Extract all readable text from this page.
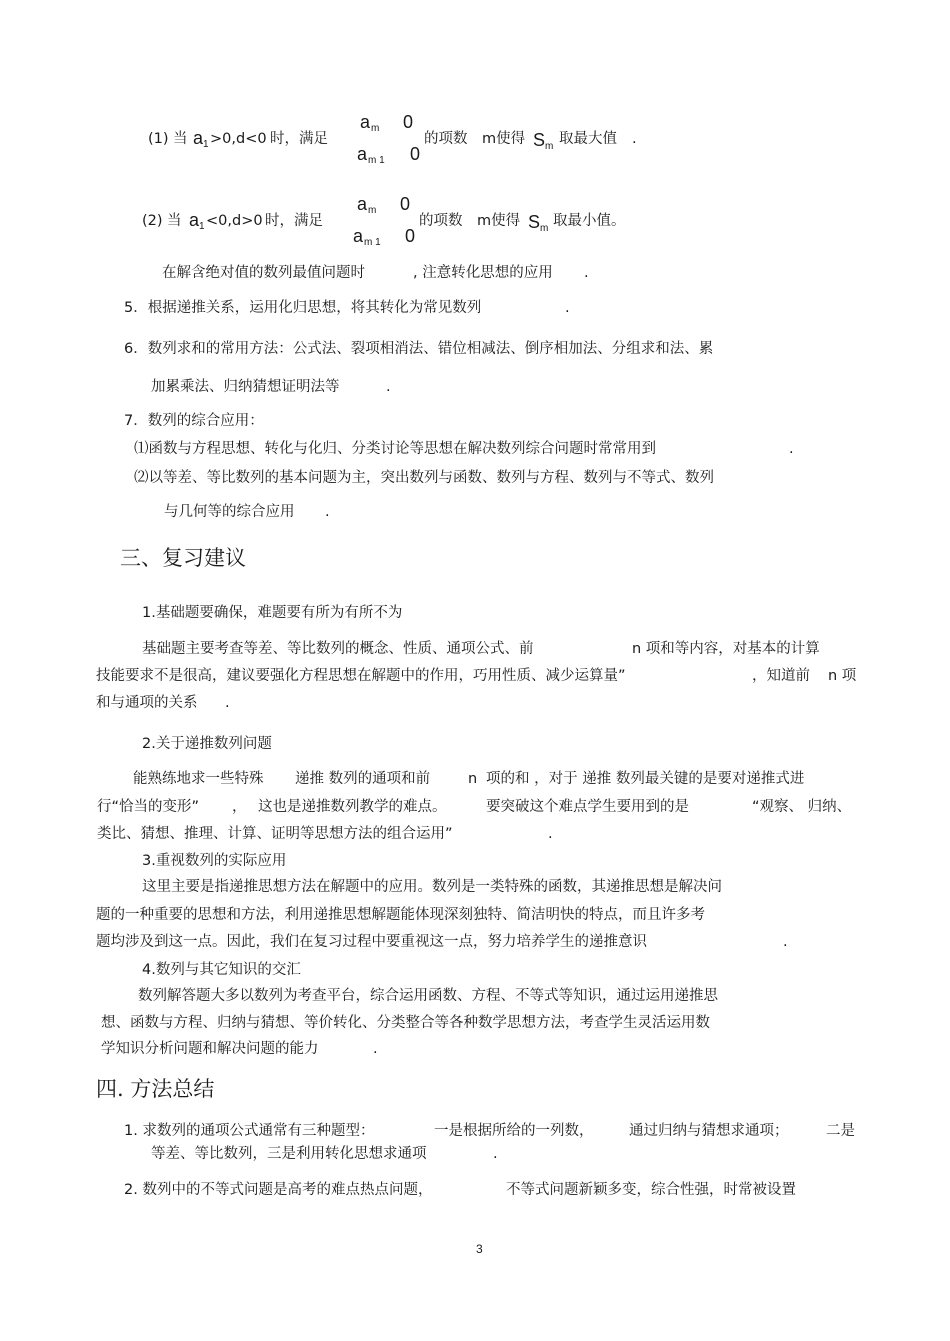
(1) 当 a 1 >0,d<0 时，满足
a m 0
a m 1 0
的项数 m使得 S m 取最大值 .
(2) 当 a 1 <0,d>0 时，满足
a m 0
a m 1 0
的项数 m使得 S m 取最小值。
在解含绝对值的数列最值问题时	, 注意转化思想的应用 .
5．根据递推关系，运用化归思想，将其转化为常见数列	.
6．数列求和的常用方法：公式法、裂项相消法、错位相减法、倒序相加法、分组求和法、累
加累乘法、归纳猜想证明法等	.
7．数列的综合应用：
⑴函数与方程思想、转化与化归、分类讨论等思想在解决数列综合问题时常常用到	.
⑵以等差、等比数列的基本问题为主，突出数列与函数、数列与方程、数列与不等式、数列
与几何等的综合应用 .
三、复习建议
1.基础题要确保，难题要有所为有所不为
基础题主要考查等差、等比数列的概念、性质、通项公式、前	n 项和等内容，对基本的计算
技能要求不是很高，建议要强化方程思想在解题中的作用，巧用性质、减少运算量”	，知道前 n 项
和与通项的关系 .
2.关于递推数列问题
能熟练地求一些特殊 递推 数列的通项和前	n 项的和 ，对于 递推 数列最关键的是要对递推式进
行“恰当的变形” ， 这也是递推数列教学的难点。	要突破这个难点学生要用到的是	“观察、 归纳、
类比、猜想、推理、计算、证明等思想方法的组合运用”	.
3.重视数列的实际应用
这里主要是指递推思想方法在解题中的应用。数列是一类特殊的函数，其递推思想是解决问
题的一种重要的思想和方法，利用递推思想解题能体现深刻独特、简洁明快的特点，而且许多考
题均涉及到这一点。因此，我们在复习过程中要重视这一点，努力培养学生的递推意识	.
4.数列与其它知识的交汇
数列解答题大多以数列为考查平台，综合运用函数、方程、不等式等知识，通过运用递推思
想、函数与方程、归纳与猜想、等价转化、分类整合等各种数学思想方法，考查学生灵活运用数
学知识分析问题和解决问题的能力	.
四. 方法总结
1. 求数列的通项公式通常有三种题型：	一是根据所给的一列数， 通过归纳与猜想求通项；	二是
等差、等比数列，三是利用转化思想求通项	.
2. 数列中的不等式问题是高考的难点热点问题，	不等式问题新颖多变，综合性强，时常被设置
3
